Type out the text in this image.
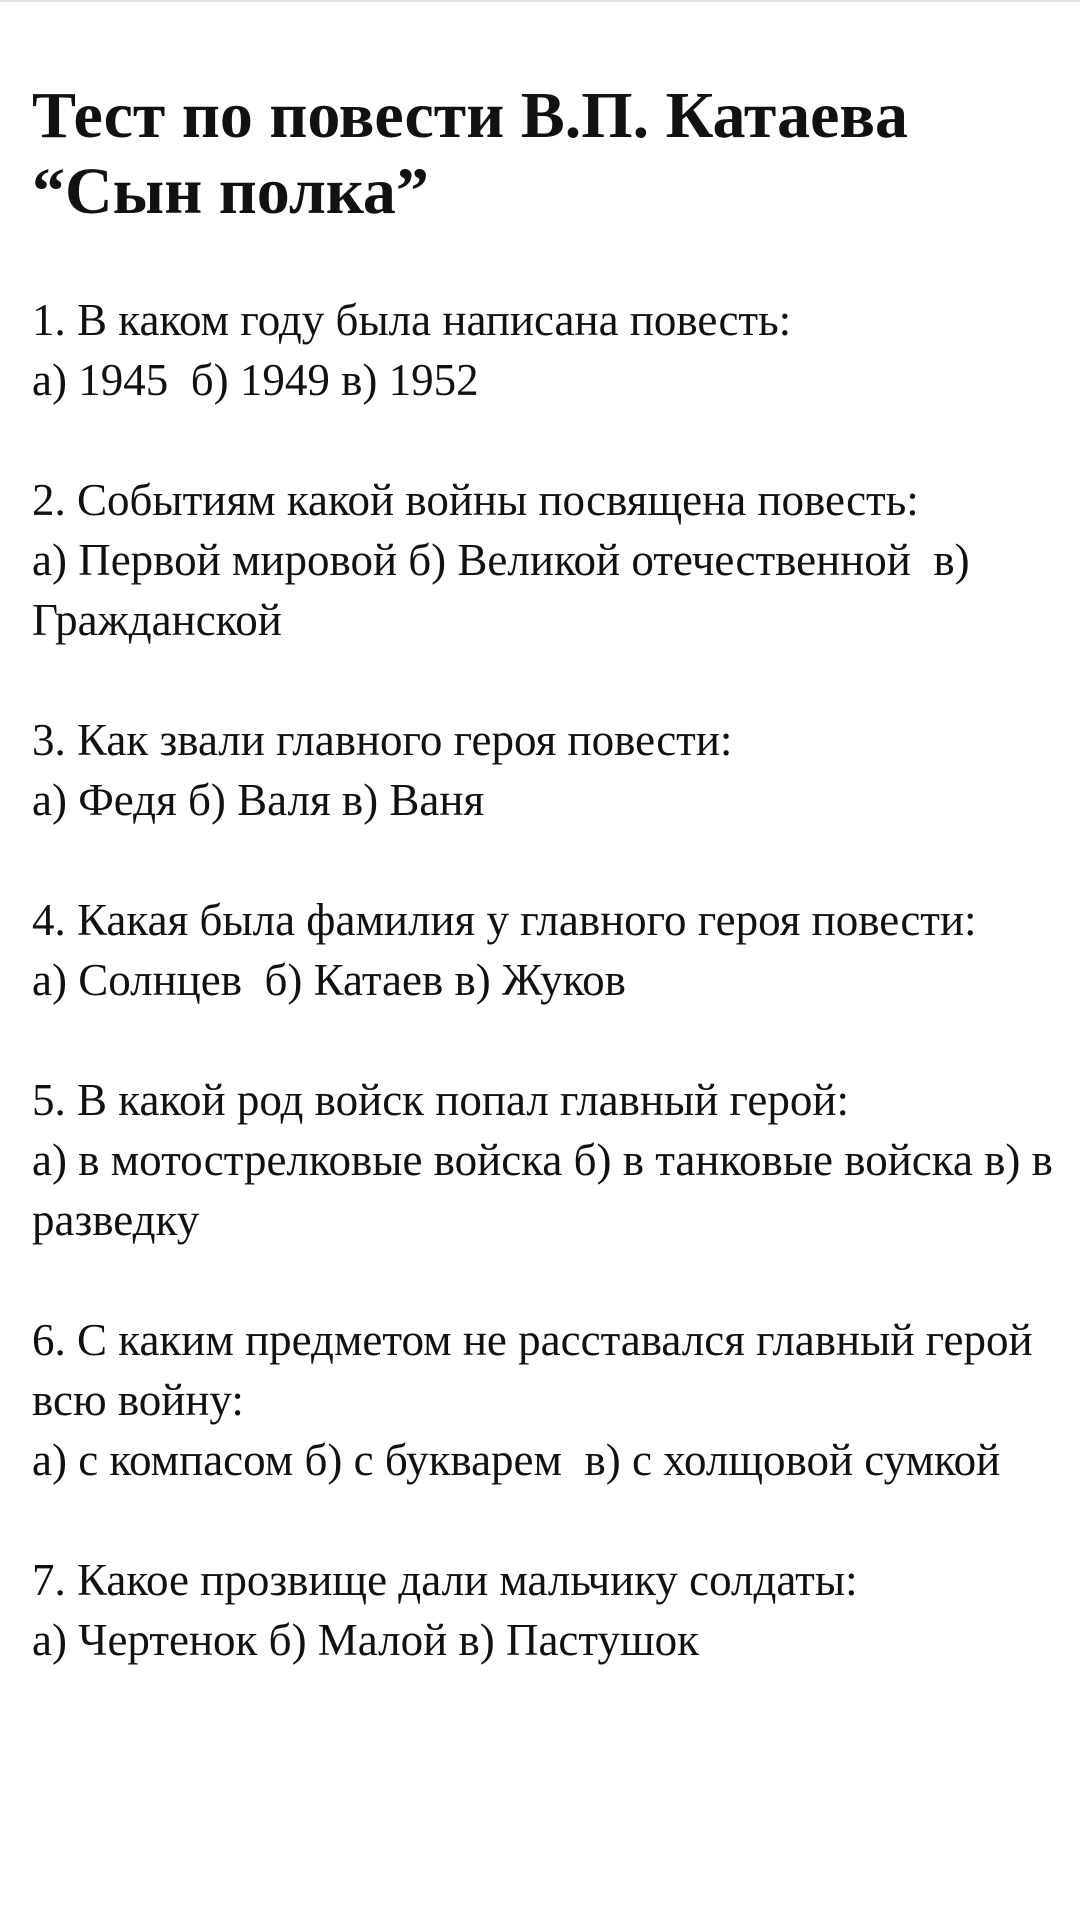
Тест по повести В.П. Катаева
“Сын полка”
1. В каком году была написана повесть:
а) 1945  б) 1949 в) 1952
2. Событиям какой войны посвящена повесть:
а) Первой мировой б) Великой отечественной  в) Гражданской
3. Как звали главного героя повести:
а) Федя б) Валя в) Ваня
4. Какая была фамилия у главного героя повести:
а) Солнцев  б) Катаев в) Жуков
5. В какой род войск попал главный герой:
а) в мотострелковые войска б) в танковые войска в) в разведку
6. С каким предметом не расставался главный герой всю войну:
а) с компасом б) с букварем  в) с холщовой сумкой
7. Какое прозвище дали мальчику солдаты:
а) Чертенок б) Малой в) Пастушок
